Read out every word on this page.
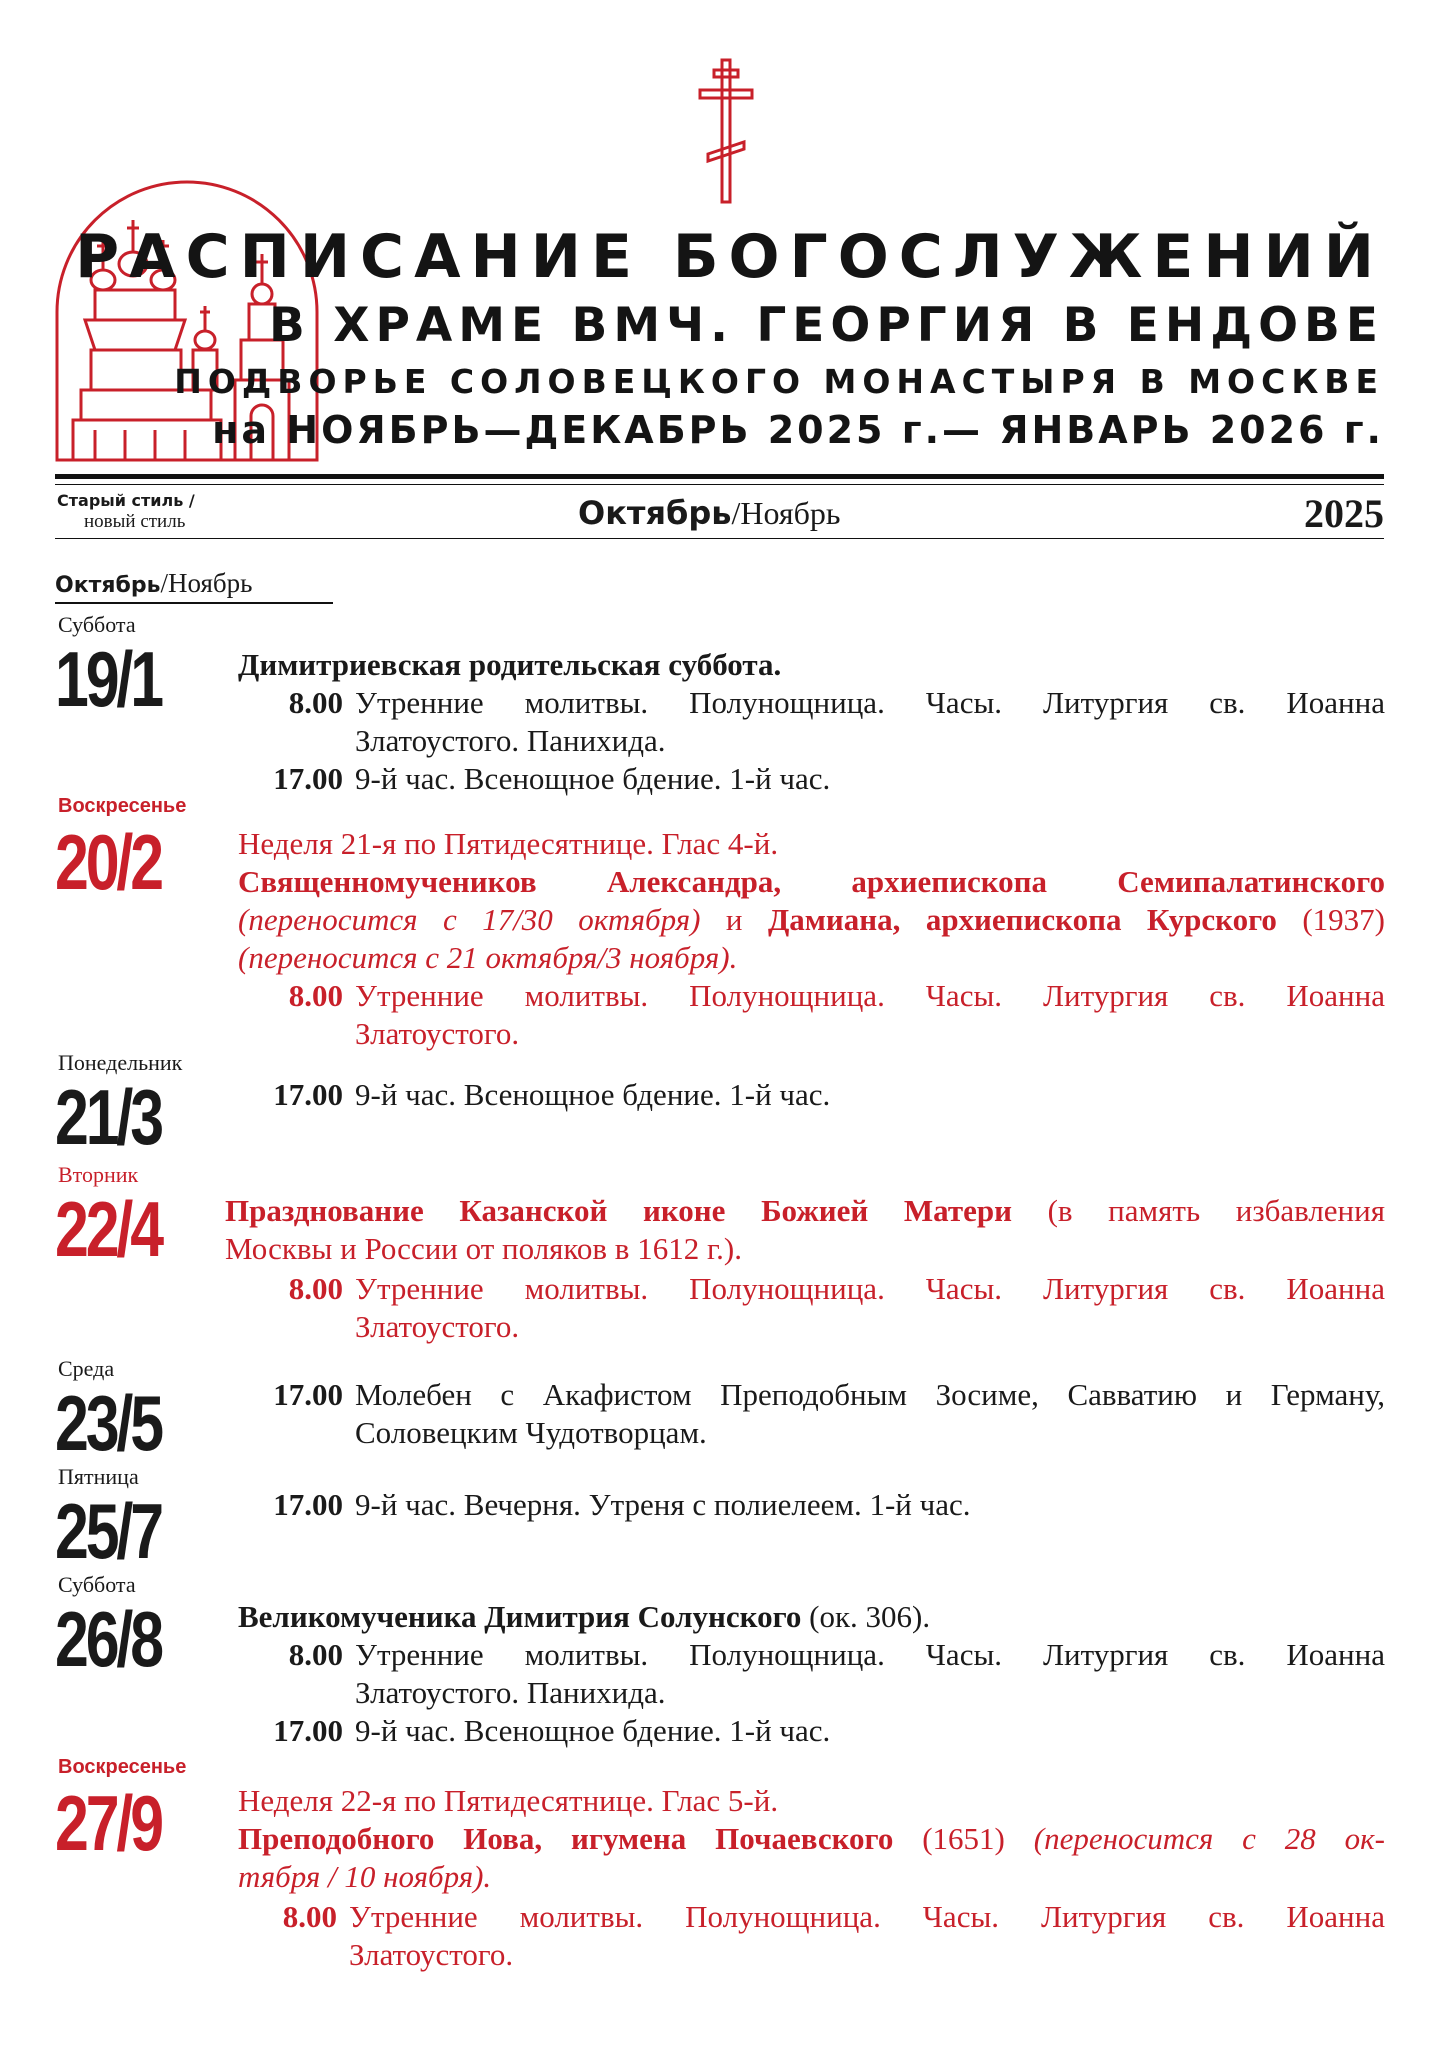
РАСПИСАНИЕ БОГОСЛУЖЕНИЙ
В ХРАМЕ ВМЧ. ГЕОРГИЯ В ЕНДОВЕ
ПОДВОРЬЕ СОЛОВЕЦКОГО МОНАСТЫРЯ В МОСКВЕ
на НОЯБРЬ—ДЕКАБРЬ 2025 г.— ЯНВАРЬ 2026 г.
Старый стиль /
новый стиль	Октябрь/Ноябрь	2025
Октябрь/Ноябрь
Суббота
19/1 Димитриевская родительская суббота.
8.00 Утренние молитвы. Полунощница. Часы. Литургия св. Иоанна
Златоустого. Панихида.
17.00 9-й час. Всенощное бдение. 1-й час.
Воскресенье
20/2 Неделя 21-я по Пятидесятнице. Глас 4-й.
Священномучеников Александра, архиепископа Семипалатинского
(переносится с 17/30 октября) и Дамиана, архиепископа Курского (1937)
(переносится с 21 октября/3 ноября).
8.00 Утренние молитвы. Полунощница. Часы. Литургия св. Иоанна
Златоустого.
Понедельник
21/3	17.00 9-й час. Всенощное бдение. 1-й час.
Вторник
22/4 Празднование Казанской иконе Божией Матери (в память избавления
Москвы и России от поляков в 1612 г.).
8.00 Утренние молитвы. Полунощница. Часы. Литургия св. Иоанна
Златоустого.
Среда
23/5	17.00 Молебен с Акафистом Преподобным Зосиме, Савватию и Герману,
Соловецким Чудотворцам.
Пятница
25/7	17.00 9-й час. Вечерня. Утреня с полиелеем. 1-й час.
Суббота
26/8 Великомученика Димитрия Солунского (ок. 306).
8.00 Утренние молитвы. Полунощница. Часы. Литургия св. Иоанна
Златоустого. Панихида.
17.00 9-й час. Всенощное бдение. 1-й час.
Воскресенье
27/9 Неделя 22-я по Пятидесятнице. Глас 5-й.
Преподобного Иова, игумена Почаевского (1651) (переносится с 28 ок-
тября / 10 ноября).
8.00 Утренние молитвы. Полунощница. Часы. Литургия св. Иоанна
Златоустого.
